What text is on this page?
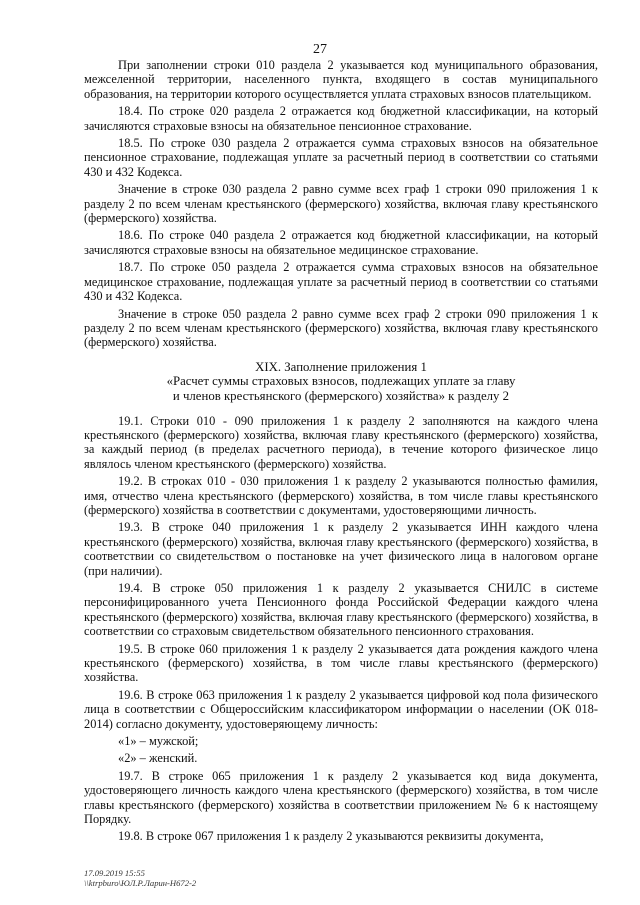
27

При заполнении строки 010 раздела 2 указывается код муниципального образования, межселенной территории, населенного пункта, входящего в состав муниципального образования, на территории которого осуществляется уплата страховых взносов плательщиком.

18.4. По строке 020 раздела 2 отражается код бюджетной классификации, на который зачисляются страховые взносы на обязательное пенсионное страхование.

18.5. По строке 030 раздела 2 отражается сумма страховых взносов на обязательное пенсионное страхование, подлежащая уплате за расчетный период в соответствии со статьями 430 и 432 Кодекса.

Значение в строке 030 раздела 2 равно сумме всех граф 1 строки 090 приложения 1 к разделу 2 по всем членам крестьянского (фермерского) хозяйства, включая главу крестьянского (фермерского) хозяйства.

18.6. По строке 040 раздела 2 отражается код бюджетной классификации, на который зачисляются страховые взносы на обязательное медицинское страхование.

18.7. По строке 050 раздела 2 отражается сумма страховых взносов на обязательное медицинское страхование, подлежащая уплате за расчетный период в соответствии со статьями 430 и 432 Кодекса.

Значение в строке 050 раздела 2 равно сумме всех граф 2 строки 090 приложения 1 к разделу 2 по всем членам крестьянского (фермерского) хозяйства, включая главу крестьянского (фермерского) хозяйства.

XIX. Заполнение приложения 1
«Расчет суммы страховых взносов, подлежащих уплате за главу
и членов крестьянского (фермерского) хозяйства» к разделу 2

19.1. Строки 010 - 090 приложения 1 к разделу 2 заполняются на каждого члена крестьянского (фермерского) хозяйства, включая главу крестьянского (фермерского) хозяйства, за каждый период (в пределах расчетного периода), в течение которого физическое лицо являлось членом крестьянского (фермерского) хозяйства.

19.2. В строках 010 - 030 приложения 1 к разделу 2 указываются полностью фамилия, имя, отчество члена крестьянского (фермерского) хозяйства, в том числе главы крестьянского (фермерского) хозяйства в соответствии с документами, удостоверяющими личность.

19.3. В строке 040 приложения 1 к разделу 2 указывается ИНН каждого члена крестьянского (фермерского) хозяйства, включая главу крестьянского (фермерского) хозяйства, в соответствии со свидетельством о постановке на учет физического лица в налоговом органе (при наличии).

19.4. В строке 050 приложения 1 к разделу 2 указывается СНИЛС в системе персонифицированного учета Пенсионного фонда Российской Федерации каждого члена крестьянского (фермерского) хозяйства, включая главу крестьянского (фермерского) хозяйства, в соответствии со страховым свидетельством обязательного пенсионного страхования.

19.5. В строке 060 приложения 1 к разделу 2 указывается дата рождения каждого члена крестьянского (фермерского) хозяйства, в том числе главы крестьянского (фермерского) хозяйства.

19.6. В строке 063 приложения 1 к разделу 2 указывается цифровой код пола физического лица в соответствии с Общероссийским классификатором информации о населении (ОК 018-2014) согласно документу, удостоверяющему личность:

«1» – мужской;

«2» – женский.

19.7. В строке 065 приложения 1 к разделу 2 указывается код вида документа, удостоверяющего личность каждого члена крестьянского (фермерского) хозяйства, в том числе главы крестьянского (фермерского) хозяйства в соответствии приложением № 6 к настоящему Порядку.

19.8. В строке 067 приложения 1 к разделу 2 указываются реквизиты документа,

17.09.2019 15:55
\\ktrpburo\ЮЛ.Р.Ларин-Н672-2
